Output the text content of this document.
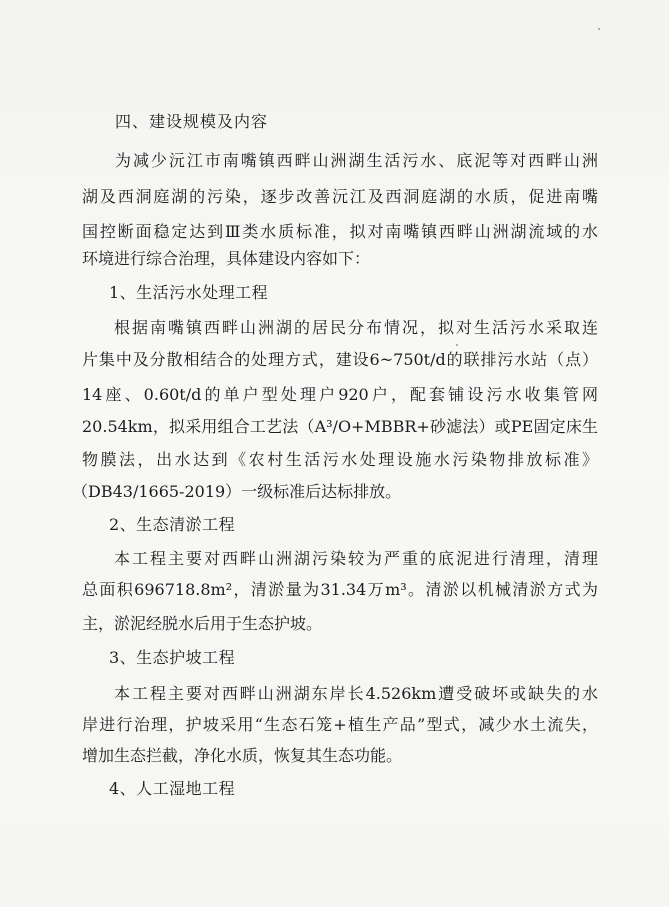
四、建设规模及内容
为减少沅江市南嘴镇西畔山洲湖生活污水、底泥等对西畔山洲
湖及西洞庭湖的污染，逐步改善沅江及西洞庭湖的水质，促进南嘴
国控断面稳定达到Ⅲ类水质标准，拟对南嘴镇西畔山洲湖流域的水
环境进行综合治理，具体建设内容如下：
1、生活污水处理工程
根据南嘴镇西畔山洲湖的居民分布情况，拟对生活污水采取连
片集中及分散相结合的处理方式，建设6~750t/d的联排污水站（点）
14座、0.60t/d的单户型处理户920户，配套铺设污水收集管网
20.54km，拟采用组合工艺法（A³/O+MBBR+砂滤法）或PE固定床生
物膜法，出水达到《农村生活污水处理设施水污染物排放标准》
（DB43/1665-2019）一级标准后达标排放。
2、生态清淤工程
本工程主要对西畔山洲湖污染较为严重的底泥进行清理，清理
总面积696718.8m²，清淤量为31.34万m³。清淤以机械清淤方式为
主，淤泥经脱水后用于生态护坡。
3、生态护坡工程
本工程主要对西畔山洲湖东岸长4.526km遭受破坏或缺失的水
岸进行治理，护坡采用“生态石笼+植生产品”型式，减少水土流失，
增加生态拦截，净化水质，恢复其生态功能。
4、人工湿地工程
